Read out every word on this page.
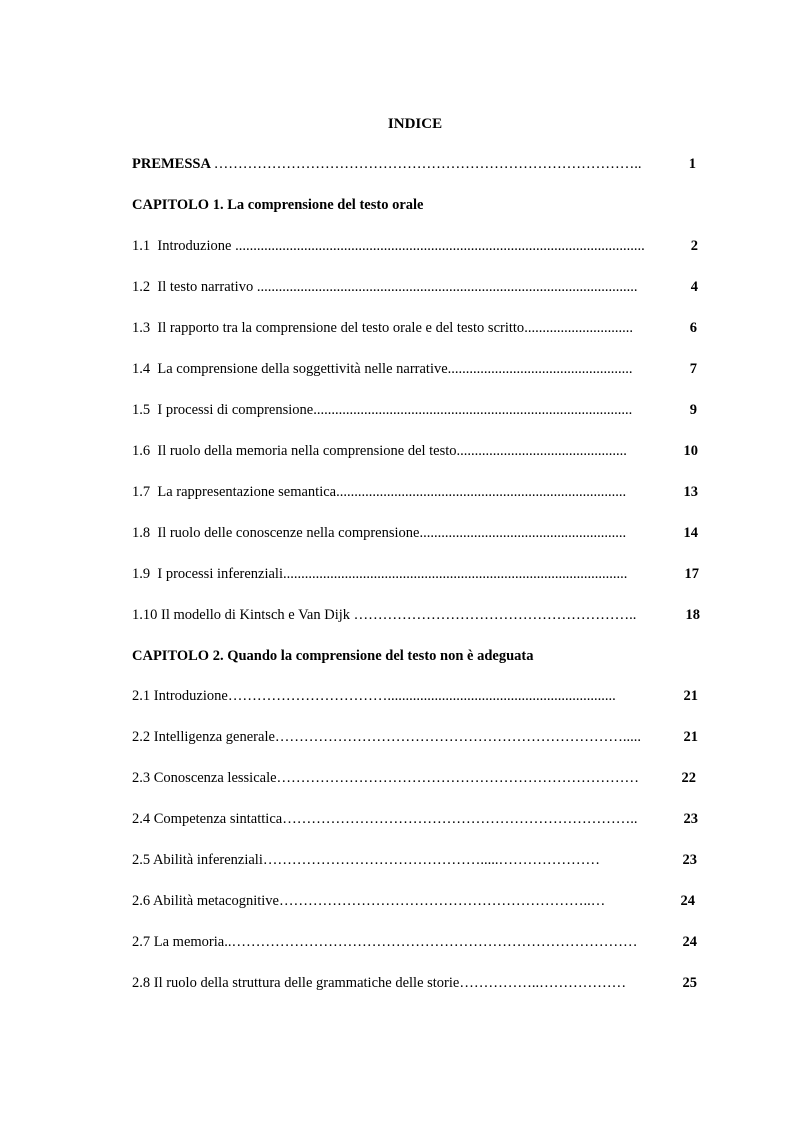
INDICE
PREMESSA ……………………………………………………………………………..	1
CAPITOLO 1. La comprensione del testo orale
1.1  Introduzione .................................................................................................................	2
1.2  Il testo narrativo .........................................................................................................	4
1.3  Il rapporto tra la comprensione del testo orale e del testo scritto ..............................	6
1.4  La comprensione della soggettività nelle narrative ...................................................	7
1.5  I processi di comprensione ........................................................................................	9
1.6  Il ruolo della memoria nella comprensione del testo ...............................................	10
1.7  La rappresentazione semantica ................................................................................	13
1.8  Il ruolo delle conoscenze nella comprensione .........................................................	14
1.9  I processi inferenziali ...............................................................................................	17
1.10 Il modello di Kintsch e Van Dijk …………………………………………………..	18
CAPITOLO 2. Quando la comprensione del testo non è adeguata
2.1 Introduzione ……………………………...............................................................	21
2.2 Intelligenza generale ……………………………………………………………….....	21
2.3 Conoscenza lessicale …………………………………………………………………	22
2.4 Competenza sintattica ………………………………………………………………..	23
2.5 Abilità inferenziali ……………………………………….....…………………	23
2.6 Abilità metacognitive ………………………………………………………..…	24
2.7 La memoria ..…………………………………………………………………………	24
2.8 Il ruolo della struttura delle grammatiche delle storie ……………..………………	25
